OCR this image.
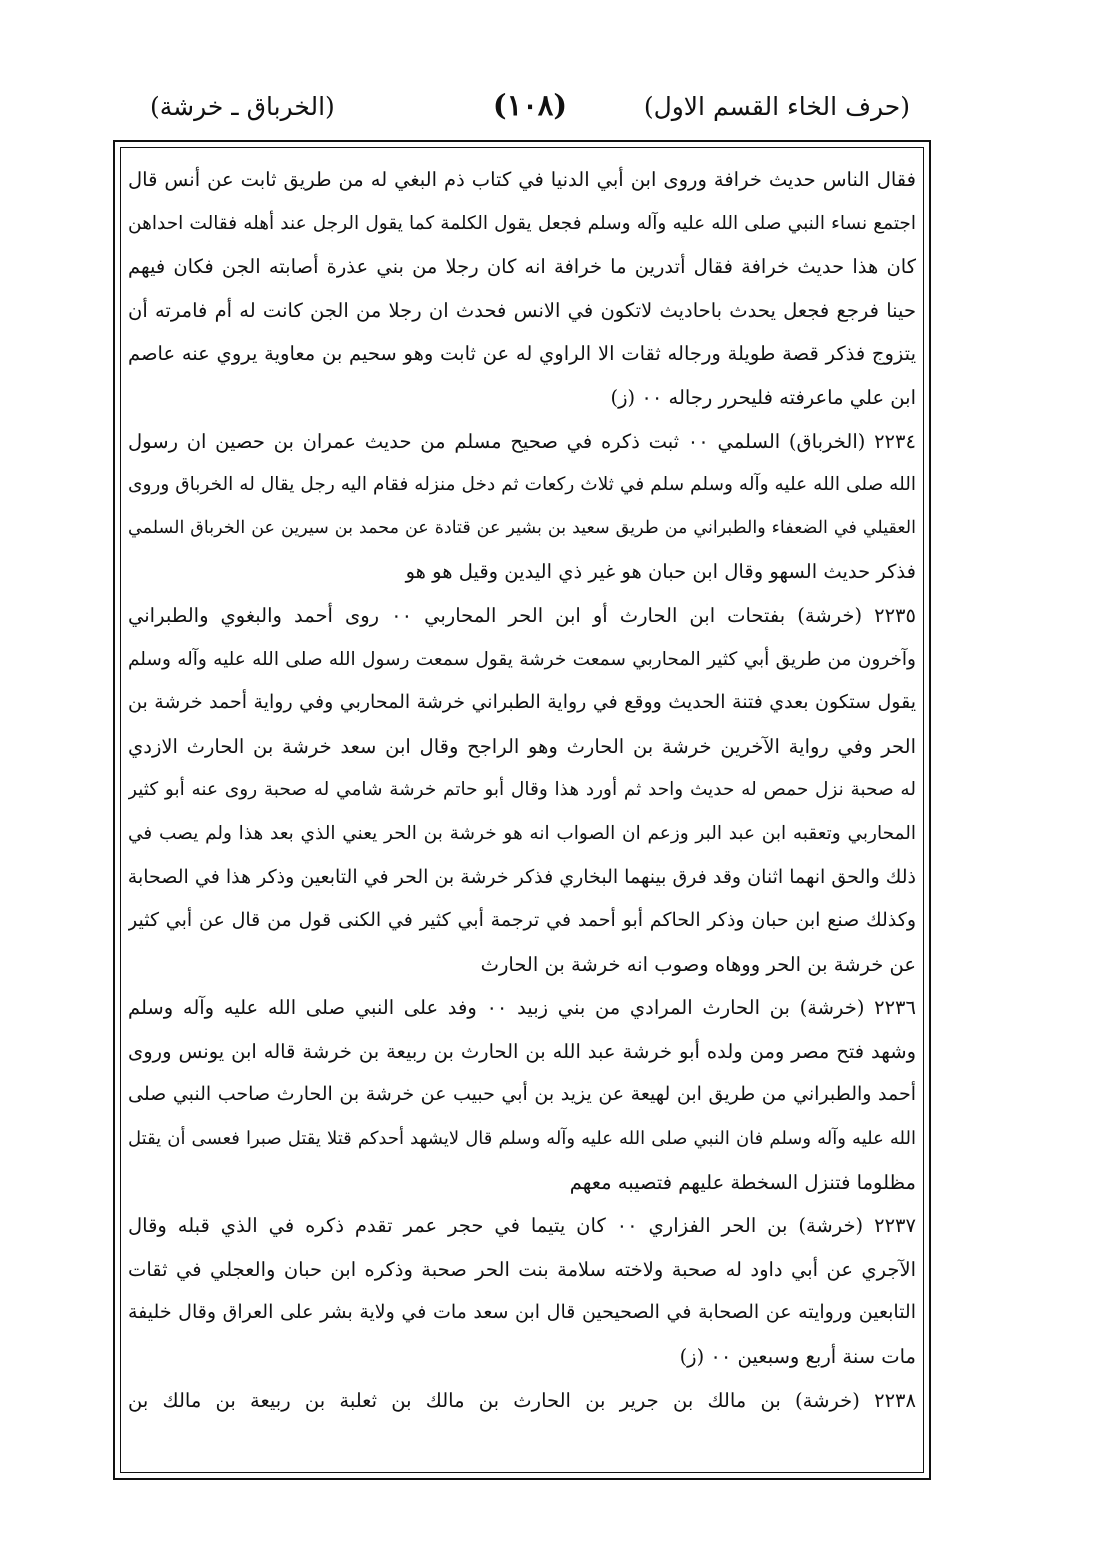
(حرف الخاء القسم الاول)
(١٠٨)
(الخرباق ـ خرشة)
فقال الناس حديث خرافة وروى ابن أبي الدنيا في كتاب ذم البغي له من طريق ثابت عن أنس قال
اجتمع نساء النبي صلى الله عليه وآله وسلم فجعل يقول الكلمة كما يقول الرجل عند أهله فقالت احداهن
كان هذا حديث خرافة فقال أتدرين ما خرافة انه كان رجلا من بني عذرة أصابته الجن فكان فيهم
حينا فرجع فجعل يحدث باحاديث لاتكون في الانس فحدث ان رجلا من الجن كانت له أم فامرته أن
يتزوج فذكر قصة طويلة ورجاله ثقات الا الراوي له عن ثابت وهو سحيم بن معاوية يروي عنه عاصم
ابن علي ماعرفته فليحرر رجاله ٠٠ (ز)
٢٢٣٤ (الخرباق) السلمي ٠٠ ثبت ذكره في صحيح مسلم من حديث عمران بن حصين ان رسول
الله صلى الله عليه وآله وسلم سلم في ثلاث ركعات ثم دخل منزله فقام اليه رجل يقال له الخرباق وروى
العقيلي في الضعفاء والطبراني من طريق سعيد بن بشير عن قتادة عن محمد بن سيرين عن الخرباق السلمي
فذكر حديث السهو وقال ابن حبان هو غير ذي اليدين وقيل هو هو
٢٢٣٥ (خرشة) بفتحات ابن الحارث أو ابن الحر المحاربي ٠٠ روى أحمد والبغوي والطبراني
وآخرون من طريق أبي كثير المحاربي سمعت خرشة يقول سمعت رسول الله صلى الله عليه وآله وسلم
يقول ستكون بعدي فتنة الحديث ووقع في رواية الطبراني خرشة المحاربي وفي رواية أحمد خرشة بن
الحر وفي رواية الآخرين خرشة بن الحارث وهو الراجح وقال ابن سعد خرشة بن الحارث الازدي
له صحبة نزل حمص له حديث واحد ثم أورد هذا وقال أبو حاتم خرشة شامي له صحبة روى عنه أبو كثير
المحاربي وتعقبه ابن عبد البر وزعم ان الصواب انه هو خرشة بن الحر يعني الذي بعد هذا ولم يصب في
ذلك والحق انهما اثنان وقد فرق بينهما البخاري فذكر خرشة بن الحر في التابعين وذكر هذا في الصحابة
وكذلك صنع ابن حبان وذكر الحاكم أبو أحمد في ترجمة أبي كثير في الكنى قول من قال عن أبي كثير
عن خرشة بن الحر ووهاه وصوب انه خرشة بن الحارث
٢٢٣٦ (خرشة) بن الحارث المرادي من بني زبيد ٠٠ وفد على النبي صلى الله عليه وآله وسلم
وشهد فتح مصر ومن ولده أبو خرشة عبد الله بن الحارث بن ربيعة بن خرشة قاله ابن يونس وروى
أحمد والطبراني من طريق ابن لهيعة عن يزيد بن أبي حبيب عن خرشة بن الحارث صاحب النبي صلى
الله عليه وآله وسلم فان النبي صلى الله عليه وآله وسلم قال لايشهد أحدكم قتلا يقتل صبرا فعسى أن يقتل
مظلوما فتنزل السخطة عليهم فتصيبه معهم
٢٢٣٧ (خرشة) بن الحر الفزاري ٠٠ كان يتيما في حجر عمر تقدم ذكره في الذي قبله وقال
الآجري عن أبي داود له صحبة ولاخته سلامة بنت الحر صحبة وذكره ابن حبان والعجلي في ثقات
التابعين وروايته عن الصحابة في الصحيحين قال ابن سعد مات في ولاية بشر على العراق وقال خليفة
مات سنة أربع وسبعين ٠٠ (ز)
٢٢٣٨ (خرشة) بن مالك بن جرير بن الحارث بن مالك بن ثعلبة بن ربيعة بن مالك بن
